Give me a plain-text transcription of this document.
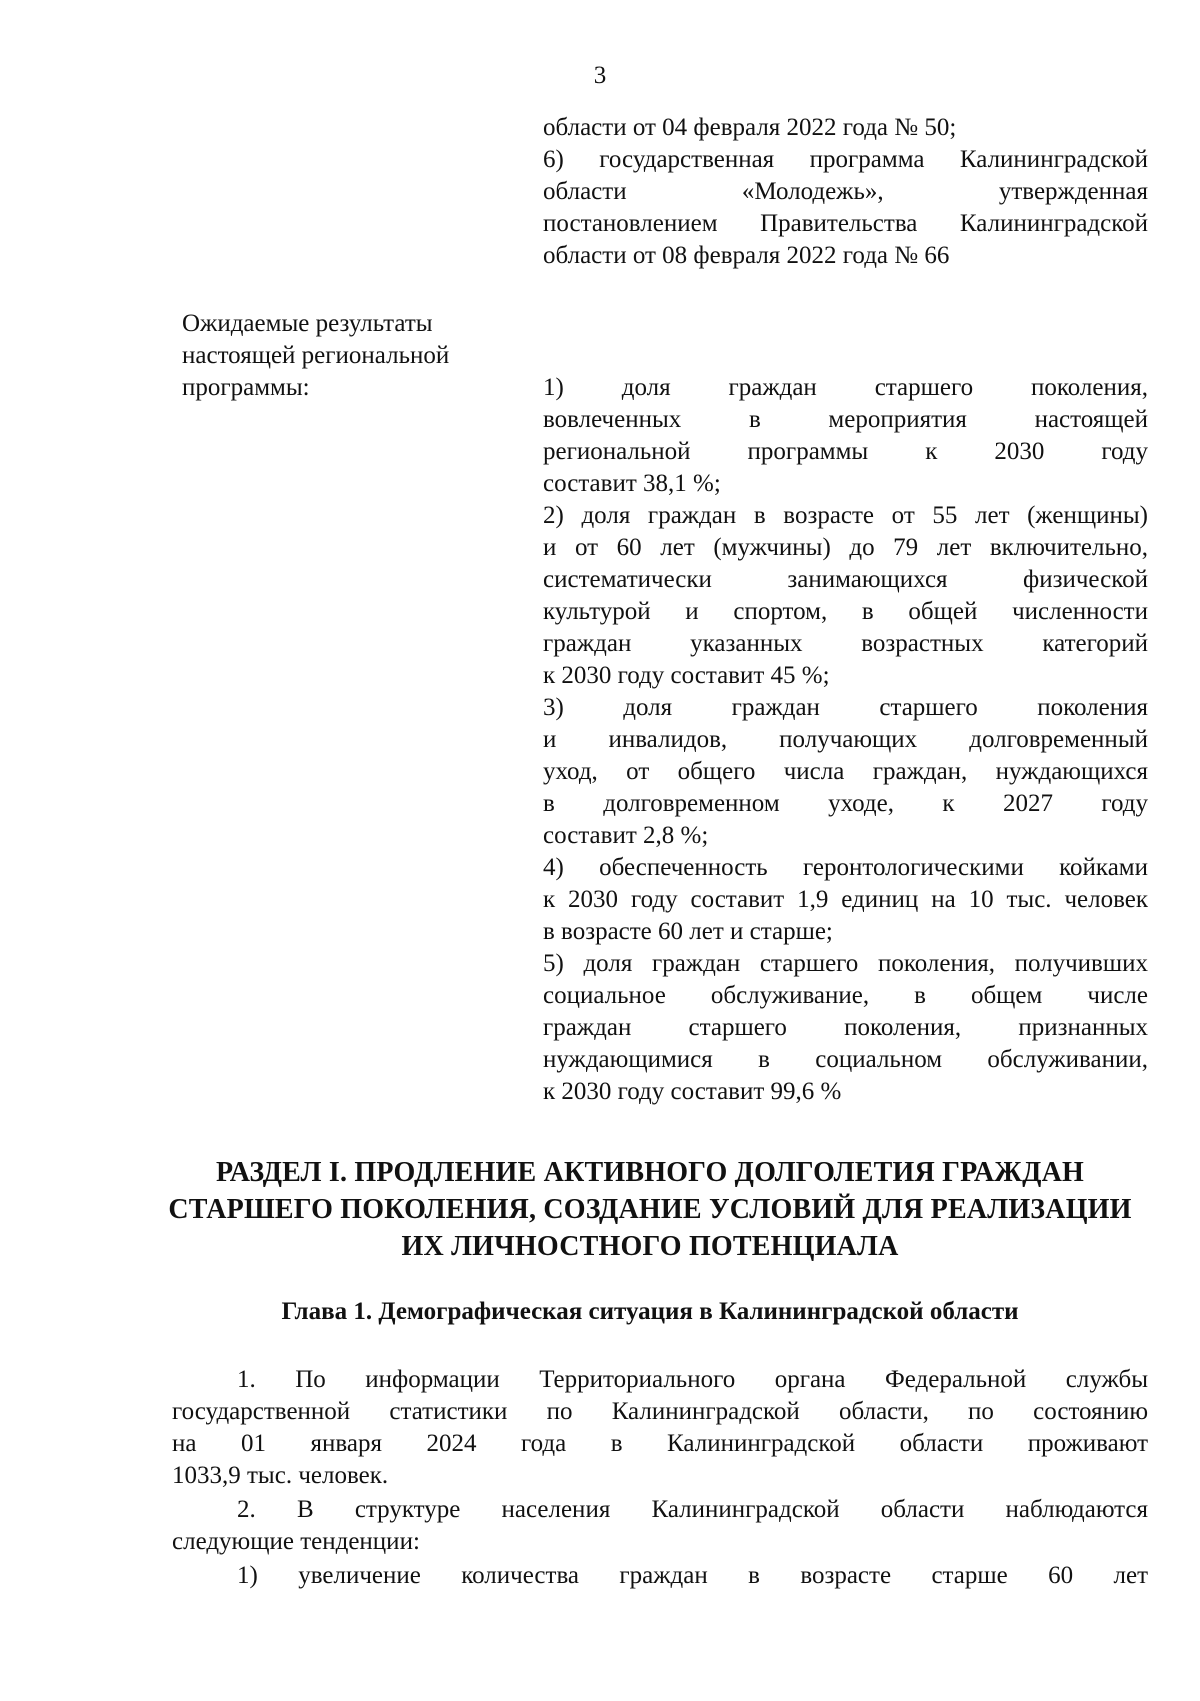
3
области от 04 февраля 2022 года № 50;
6) государственная программа Калининградской
области «Молодежь», утвержденная
постановлением Правительства Калининградской
области от 08 февраля 2022 года № 66
Ожидаемые результаты
настоящей региональной
программы:	1) доля граждан старшего поколения,
вовлеченных в мероприятия настоящей
региональной программы к 2030 году
составит 38,1 %;
2) доля граждан в возрасте от 55 лет (женщины)
и от 60 лет (мужчины) до 79 лет включительно,
систематически занимающихся физической
культурой и спортом, в общей численности
граждан указанных возрастных категорий
к 2030 году составит 45 %;
3) доля граждан старшего поколения
и инвалидов, получающих долговременный
уход, от общего числа граждан, нуждающихся
в долговременном уходе, к 2027 году
составит 2,8 %;
4) обеспеченность геронтологическими койками
к 2030 году составит 1,9 единиц на 10 тыс. человек
в возрасте 60 лет и старше;
5) доля граждан старшего поколения, получивших
социальное обслуживание, в общем числе
граждан старшего поколения, признанных
нуждающимися в социальном обслуживании,
к 2030 году составит 99,6 %
РАЗДЕЛ I. ПРОДЛЕНИЕ АКТИВНОГО ДОЛГОЛЕТИЯ ГРАЖДАН
СТАРШЕГО ПОКОЛЕНИЯ, СОЗДАНИЕ УСЛОВИЙ ДЛЯ РЕАЛИЗАЦИИ
ИХ ЛИЧНОСТНОГО ПОТЕНЦИАЛА
Глава 1. Демографическая ситуация в Калининградской области
1. По информации Территориального органа Федеральной службы
государственной статистики по Калининградской области, по состоянию
на 01 января 2024 года в Калининградской области проживают
1033,9 тыс. человек.
2. В структуре населения Калининградской области наблюдаются
следующие тенденции:
1) увеличение количества граждан в возрасте старше 60 лет
